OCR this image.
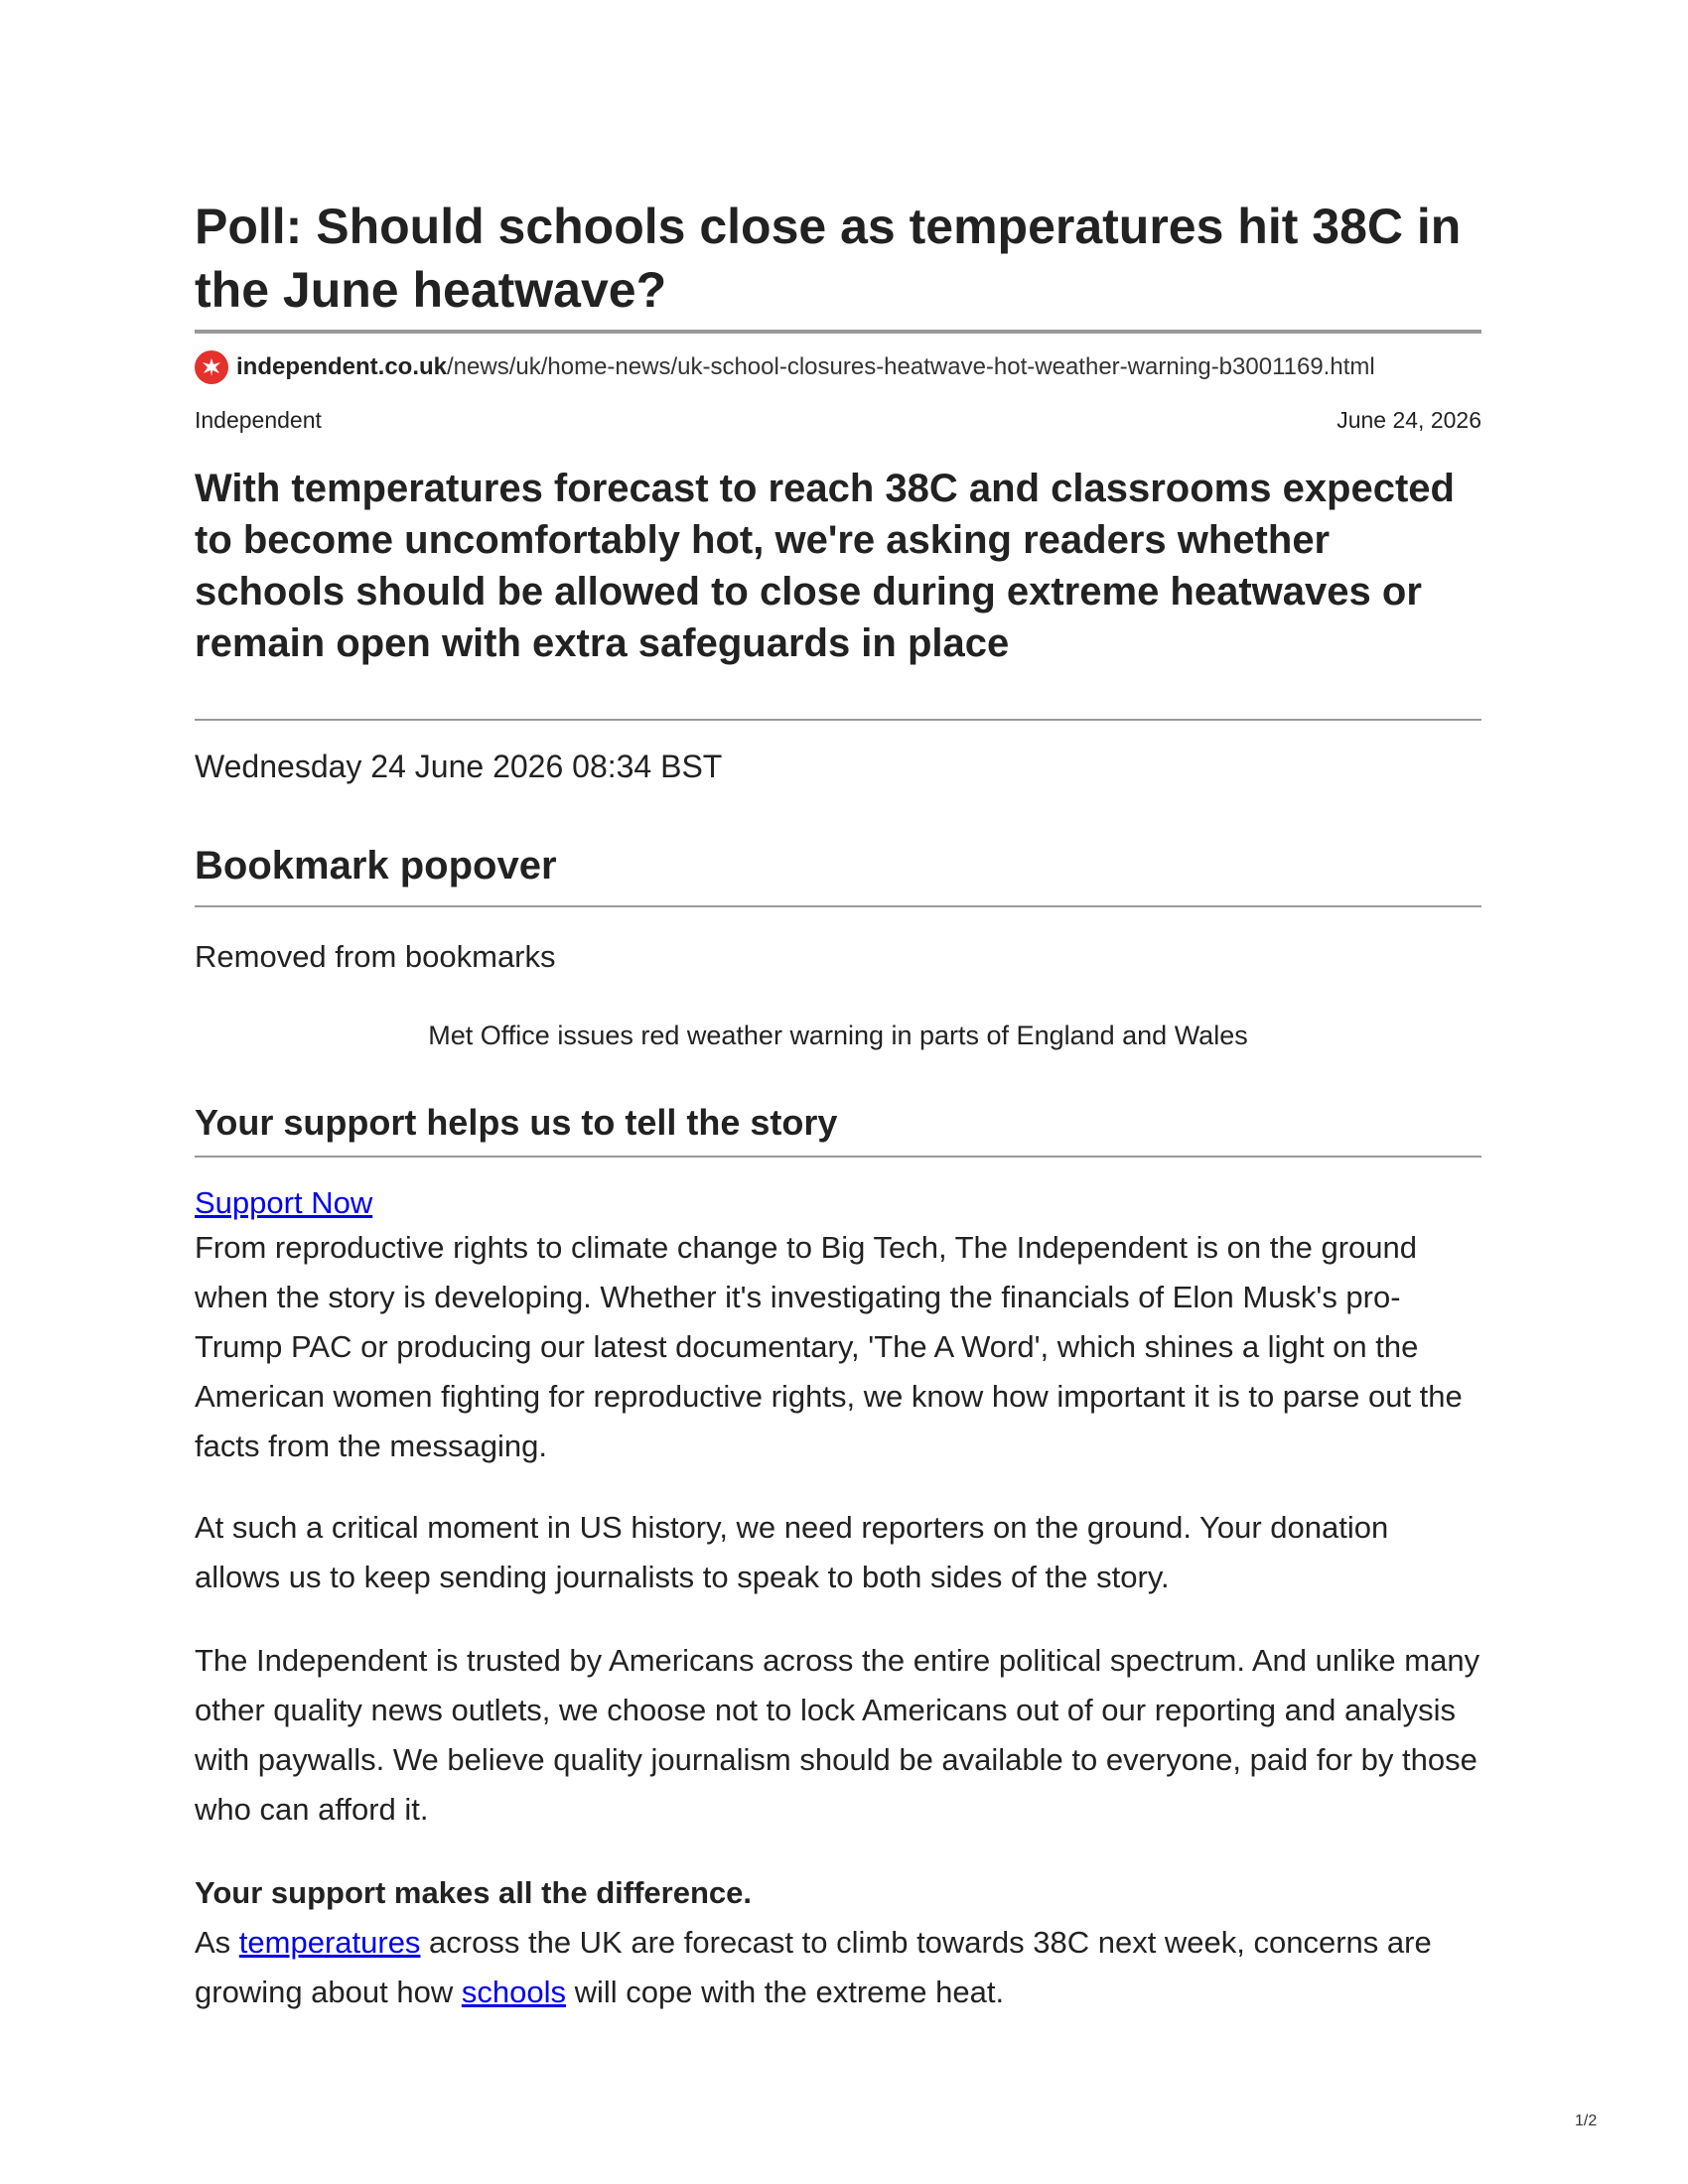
Poll: Should schools close as temperatures hit 38C in the June heatwave?
independent.co.uk /news/uk/home-news/uk-school-closures-heatwave-hot-weather-warning-b3001169.html
Independent	June 24, 2026

With temperatures forecast to reach 38C and classrooms expected to become uncomfortably hot, we're asking readers whether schools should be allowed to close during extreme heatwaves or remain open with extra safeguards in place

Wednesday 24 June 2026 08:34 BST
Bookmark popover
Removed from bookmarks
Met Office issues red weather warning in parts of England and Wales
Your support helps us to tell the story
Support Now

From reproductive rights to climate change to Big Tech, The Independent is on the ground when the story is developing. Whether it's investigating the financials of Elon Musk's pro-Trump PAC or producing our latest documentary, 'The A Word', which shines a light on the American women fighting for reproductive rights, we know how important it is to parse out the facts from the messaging.

At such a critical moment in US history, we need reporters on the ground. Your donation allows us to keep sending journalists to speak to both sides of the story.

The Independent is trusted by Americans across the entire political spectrum. And unlike many other quality news outlets, we choose not to lock Americans out of our reporting and analysis with paywalls. We believe quality journalism should be available to everyone, paid for by those who can afford it.

Your support makes all the difference.

As temperatures across the UK are forecast to climb towards 38C next week, concerns are growing about how schools will cope with the extreme heat.

1/2
